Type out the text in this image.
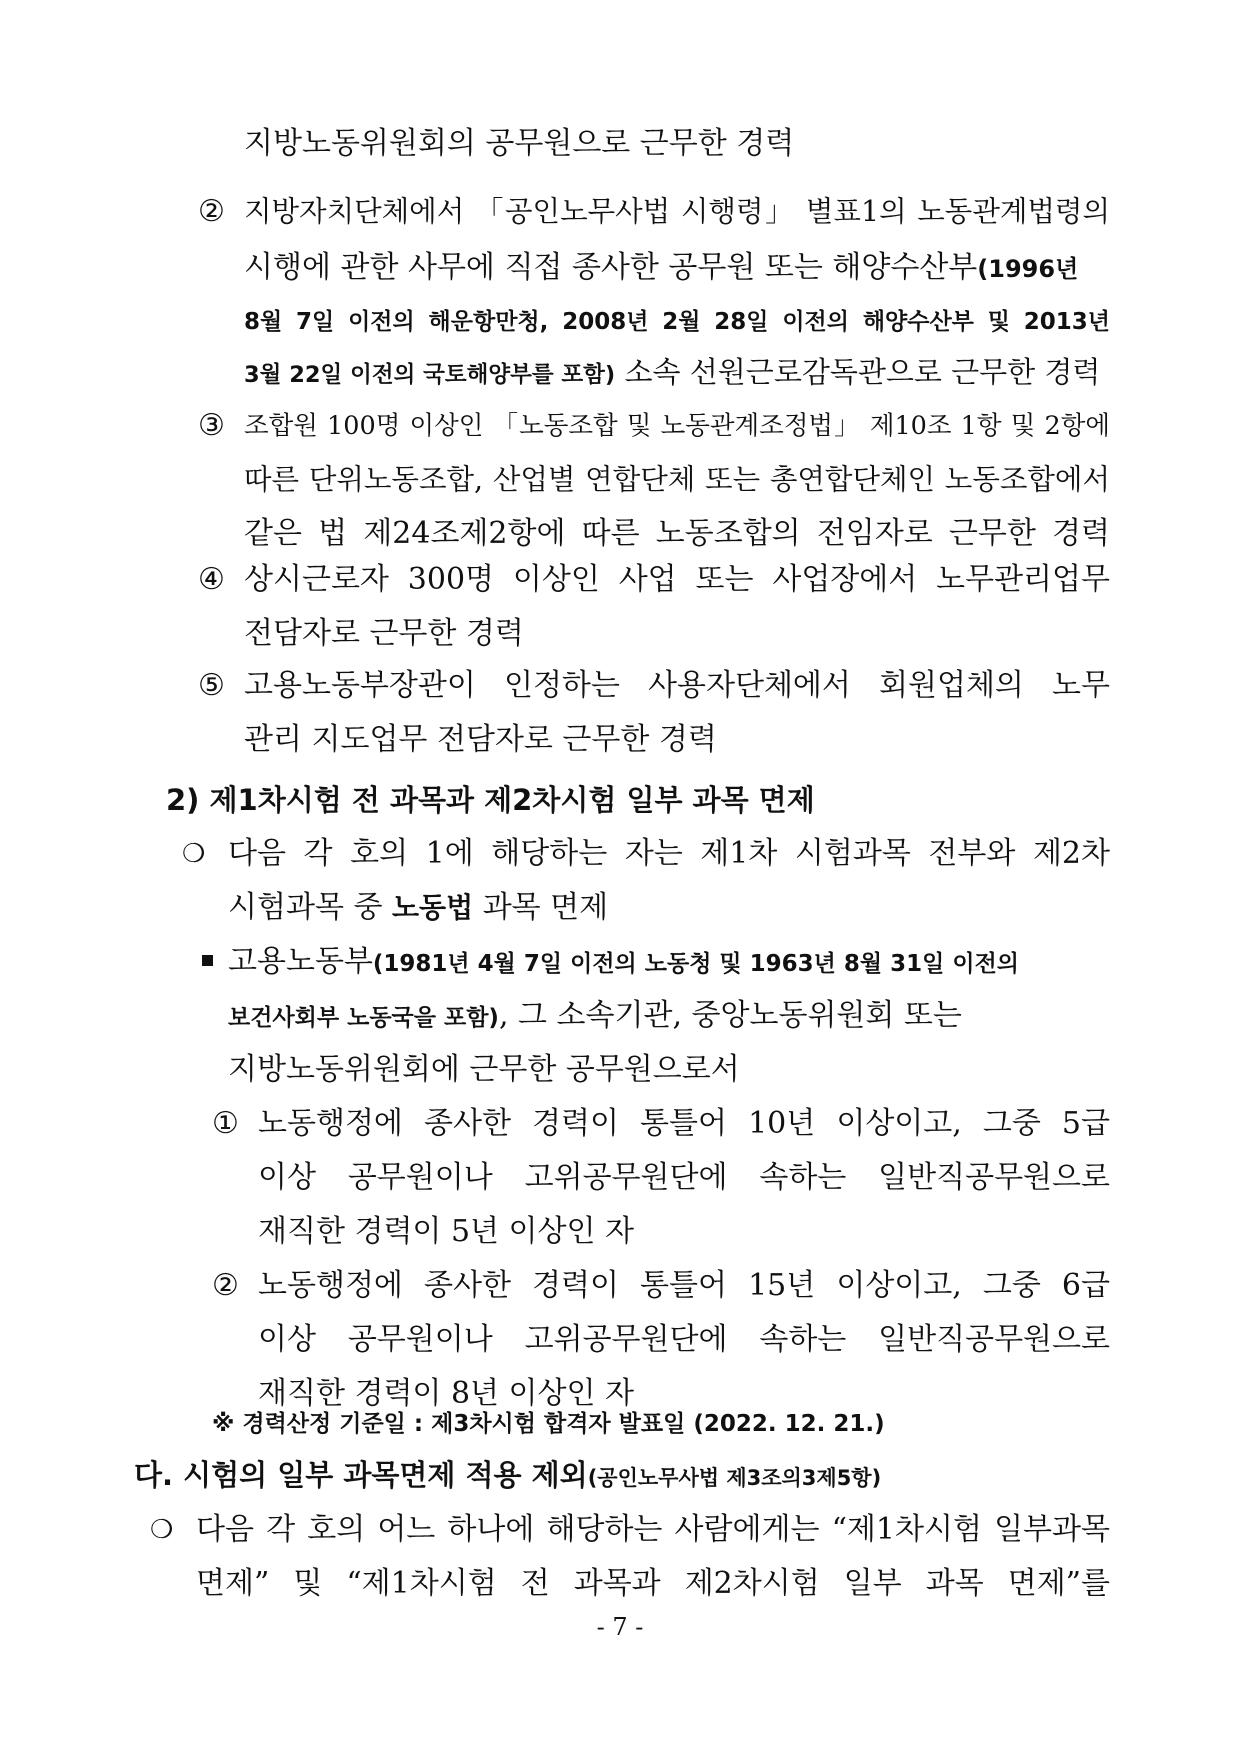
지방노동위원회의 공무원으로 근무한 경력
② 지방자치단체에서 「공인노무사법 시행령」 별표1의 노동관계법령의
시행에 관한 사무에 직접 종사한 공무원 또는 해양수산부(1996년
8월 7일 이전의 해운항만청, 2008년 2월 28일 이전의 해양수산부 및 2013년
3월 22일 이전의 국토해양부를 포함) 소속 선원근로감독관으로 근무한 경력
③ 조합원 100명 이상인 「노동조합 및 노동관계조정법」 제10조 1항 및 2항에
따른 단위노동조합, 산업별 연합단체 또는 총연합단체인 노동조합에서
같은 법 제24조제2항에 따른 노동조합의 전임자로 근무한 경력
④ 상시근로자 300명 이상인 사업 또는 사업장에서 노무관리업무
전담자로 근무한 경력
⑤ 고용노동부장관이 인정하는 사용자단체에서 회원업체의 노무
관리 지도업무 전담자로 근무한 경력
2) 제1차시험 전 과목과 제2차시험 일부 과목 면제
❍ 다음 각 호의 1에 해당하는 자는 제1차 시험과목 전부와 제2차
시험과목 중 노동법 과목 면제
고용노동부(1981년 4월 7일 이전의 노동청 및 1963년 8월 31일 이전의
보건사회부 노동국을 포함), 그 소속기관, 중앙노동위원회 또는
지방노동위원회에 근무한 공무원으로서
① 노동행정에 종사한 경력이 통틀어 10년 이상이고, 그중 5급
이상 공무원이나 고위공무원단에 속하는 일반직공무원으로
재직한 경력이 5년 이상인 자
② 노동행정에 종사한 경력이 통틀어 15년 이상이고, 그중 6급
이상 공무원이나 고위공무원단에 속하는 일반직공무원으로
재직한 경력이 8년 이상인 자
※ 경력산정 기준일 : 제3차시험 합격자 발표일 (2022. 12. 21.)
다. 시험의 일부 과목면제 적용 제외(공인노무사법 제3조의3제5항)
❍ 다음 각 호의 어느 하나에 해당하는 사람에게는 “제1차시험 일부과목
면제” 및 “제1차시험 전 과목과 제2차시험 일부 과목 면제”를
- 7 -
